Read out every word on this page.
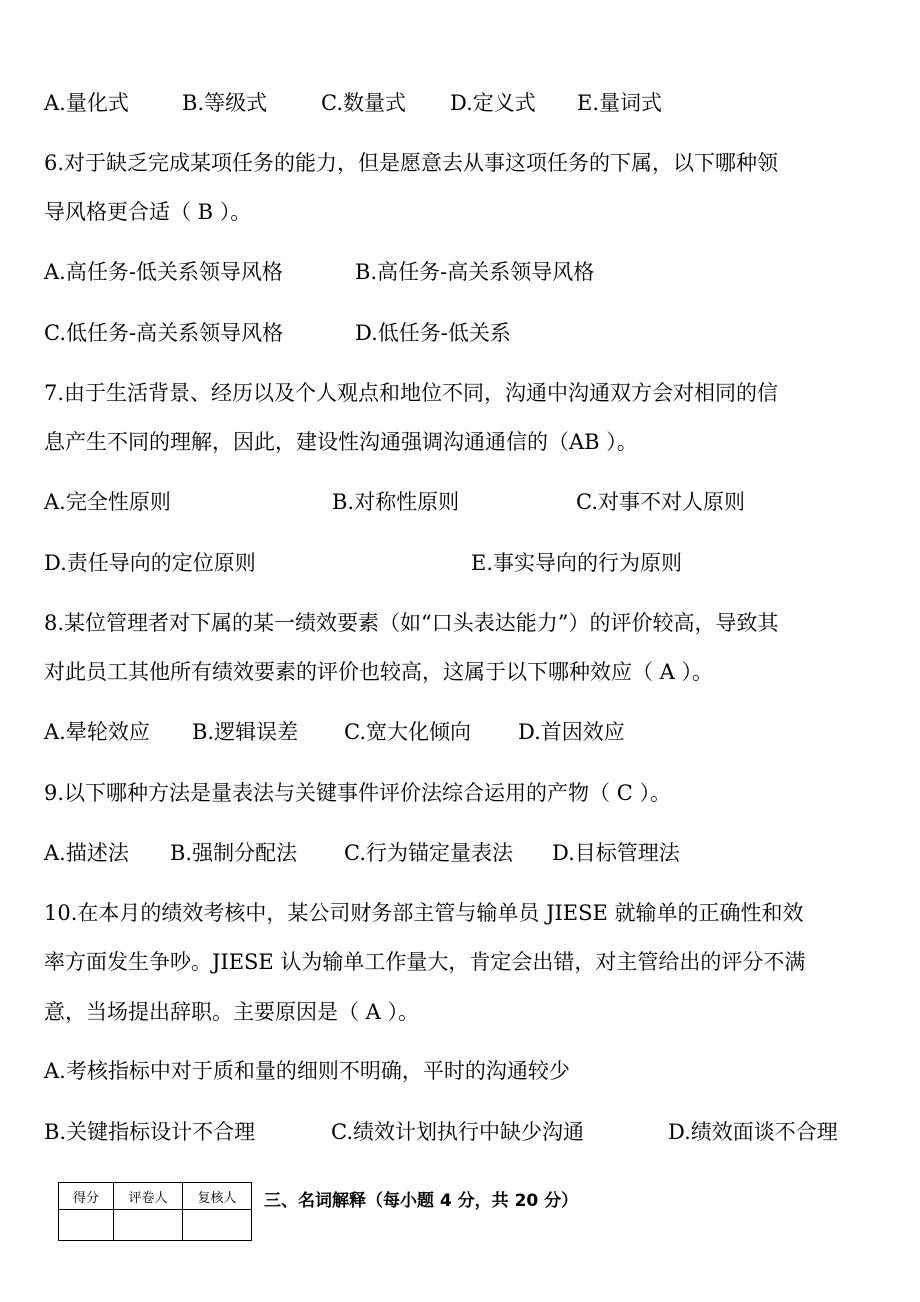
A.量化式	B.等级式	C.数量式 D.定义式 E.量词式
6.对于缺乏完成某项任务的能力，但是愿意去从事这项任务的下属，以下哪种领
导风格更合适（ B ）。
A.高任务-低关系领导风格	B.高任务-高关系领导风格
C.低任务-高关系领导风格	D.低任务-低关系
7.由于生活背景、经历以及个人观点和地位不同，沟通中沟通双方会对相同的信
息产生不同的理解，因此，建设性沟通强调沟通通信的（AB ）。
A.完全性原则	B.对称性原则	C.对事不对人原则
D.责任导向的定位原则	E.事实导向的行为原则
8.某位管理者对下属的某一绩效要素（如“口头表达能力”）的评价较高，导致其
对此员工其他所有绩效要素的评价也较高，这属于以下哪种效应（ A ）。
A.晕轮效应 B.逻辑误差 C.宽大化倾向 D.首因效应
9.以下哪种方法是量表法与关键事件评价法综合运用的产物（ C ）。
A.描述法 B.强制分配法 C.行为锚定量表法 D.目标管理法
10.在本月的绩效考核中，某公司财务部主管与输单员 JIESE 就输单的正确性和效
率方面发生争吵。JIESE 认为输单工作量大，肯定会出错，对主管给出的评分不满
意，当场提出辞职。主要原因是（ A ）。
A.考核指标中对于质和量的细则不明确，平时的沟通较少
B.关键指标设计不合理	C.绩效计划执行中缺少沟通	D.绩效面谈不合理
得分	评卷人	复核人
		三、名词解释（每小题 4 分，共 20 分）
